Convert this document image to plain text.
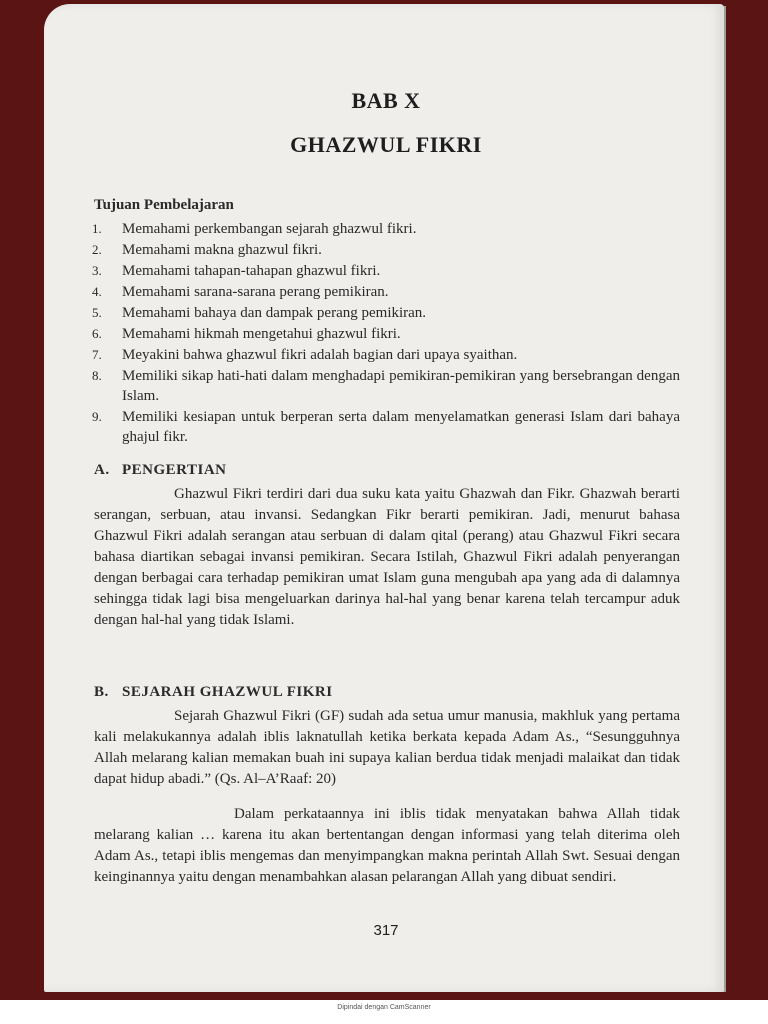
BAB X
GHAZWUL FIKRI
Tujuan Pembelajaran
1.	Memahami perkembangan sejarah ghazwul fikri.
2.	Memahami makna ghazwul fikri.
3.	Memahami tahapan-tahapan ghazwul fikri.
4.	Memahami sarana-sarana perang pemikiran.
5.	Memahami bahaya dan dampak perang pemikiran.
6.	Memahami hikmah mengetahui ghazwul fikri.
7.	Meyakini bahwa ghazwul fikri adalah bagian dari upaya syaithan.
8.	Memiliki sikap hati-hati dalam menghadapi pemikiran-pemikiran yang bersebrangan dengan Islam.
9.	Memiliki kesiapan untuk berperan serta dalam menyelamatkan generasi Islam dari bahaya ghajul fikr.
A. PENGERTIAN

Ghazwul Fikri terdiri dari dua suku kata yaitu Ghazwah dan Fikr. Ghazwah berarti serangan, serbuan, atau invansi. Sedangkan Fikr berarti pemikiran. Jadi, menurut bahasa Ghazwul Fikri adalah serangan atau serbuan di dalam qital (perang) atau Ghazwul Fikri secara bahasa diartikan sebagai invansi pemikiran. Secara Istilah, Ghazwul Fikri adalah penyerangan dengan berbagai cara terhadap pemikiran umat Islam guna mengubah apa yang ada di dalamnya sehingga tidak lagi bisa mengeluarkan darinya hal-hal yang benar karena telah tercampur aduk dengan hal-hal yang tidak Islami.

B. SEJARAH GHAZWUL FIKRI

Sejarah Ghazwul Fikri (GF) sudah ada setua umur manusia, makhluk yang pertama kali melakukannya adalah iblis laknatullah ketika berkata kepada Adam As., “Sesungguhnya Allah melarang kalian memakan buah ini supaya kalian berdua tidak menjadi malaikat dan tidak dapat hidup abadi.” (Qs. Al–A’Raaf: 20)

Dalam perkataannya ini iblis tidak menyatakan bahwa Allah tidak melarang kalian … karena itu akan bertentangan dengan informasi yang telah diterima oleh Adam As., tetapi iblis mengemas dan menyimpangkan makna perintah Allah Swt. Sesuai dengan keinginannya yaitu dengan menambahkan alasan pelarangan Allah yang dibuat sendiri.

317
Dipindai dengan CamScanner
